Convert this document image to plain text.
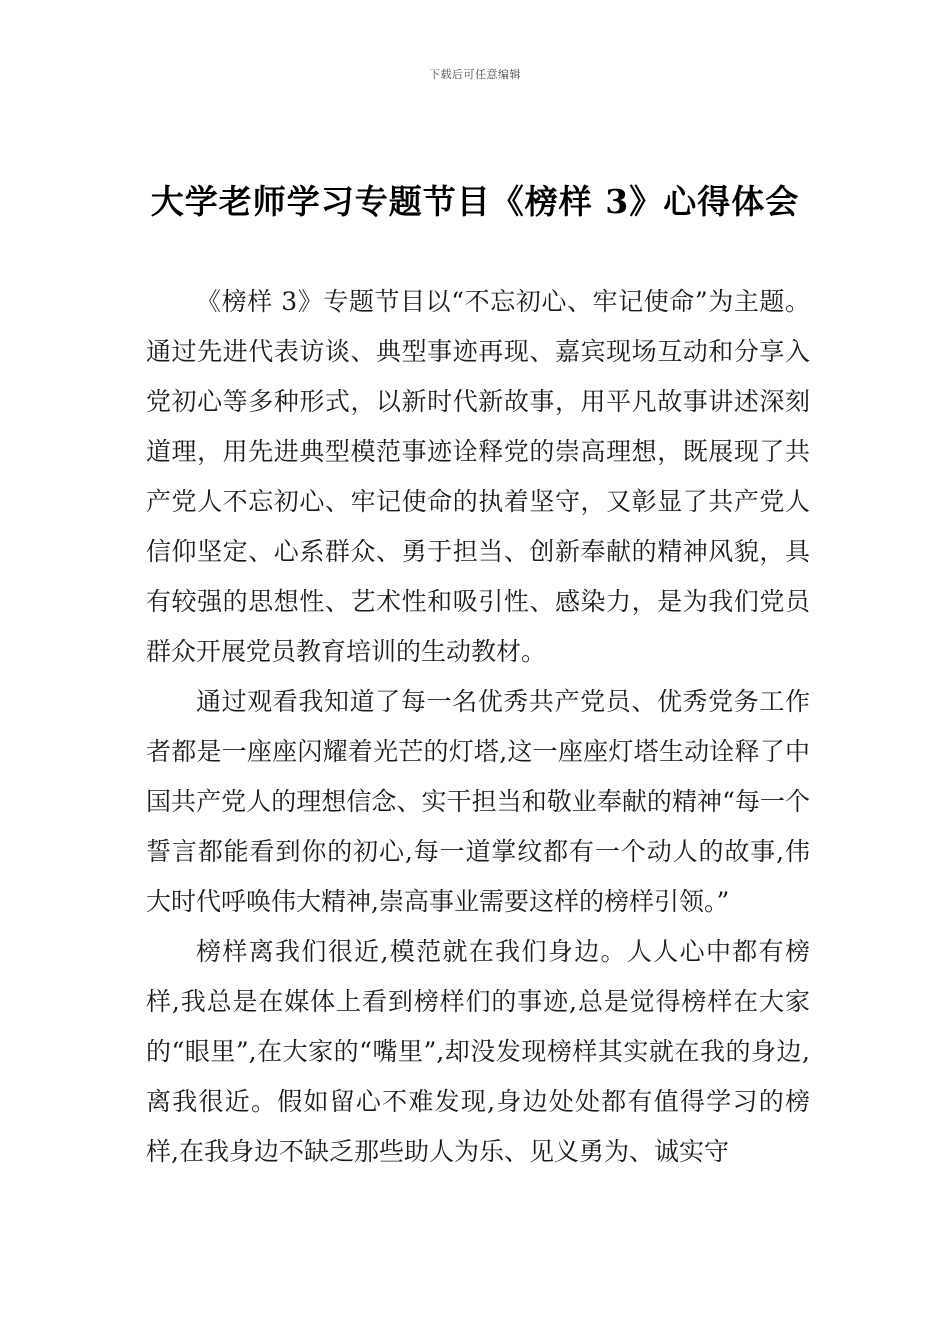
下载后可任意编辑
大学老师学习专题节目《榜样 3》心得体会

《榜样 3》专题节目以“不忘初心、牢记使命”为主题。通过先进代表访谈、典型事迹再现、嘉宾现场互动和分享入党初心等多种形式，以新时代新故事，用平凡故事讲述深刻道理，用先进典型模范事迹诠释党的崇高理想，既展现了共产党人不忘初心、牢记使命的执着坚守，又彰显了共产党人信仰坚定、心系群众、勇于担当、创新奉献的精神风貌，具有较强的思想性、艺术性和吸引性、感染力，是为我们党员群众开展党员教育培训的生动教材。

通过观看我知道了每一名优秀共产党员、优秀党务工作者都是一座座闪耀着光芒的灯塔,这一座座灯塔生动诠释了中国共产党人的理想信念、实干担当和敬业奉献的精神“每一个誓言都能看到你的初心,每一道掌纹都有一个动人的故事,伟大时代呼唤伟大精神,崇高事业需要这样的榜样引领。”

榜样离我们很近,模范就在我们身边。人人心中都有榜样,我总是在媒体上看到榜样们的事迹,总是觉得榜样在大家的“眼里”,在大家的“嘴里”,却没发现榜样其实就在我的身边,离我很近。假如留心不难发现,身边处处都有值得学习的榜样,在我身边不缺乏那些助人为乐、见义勇为、诚实守
